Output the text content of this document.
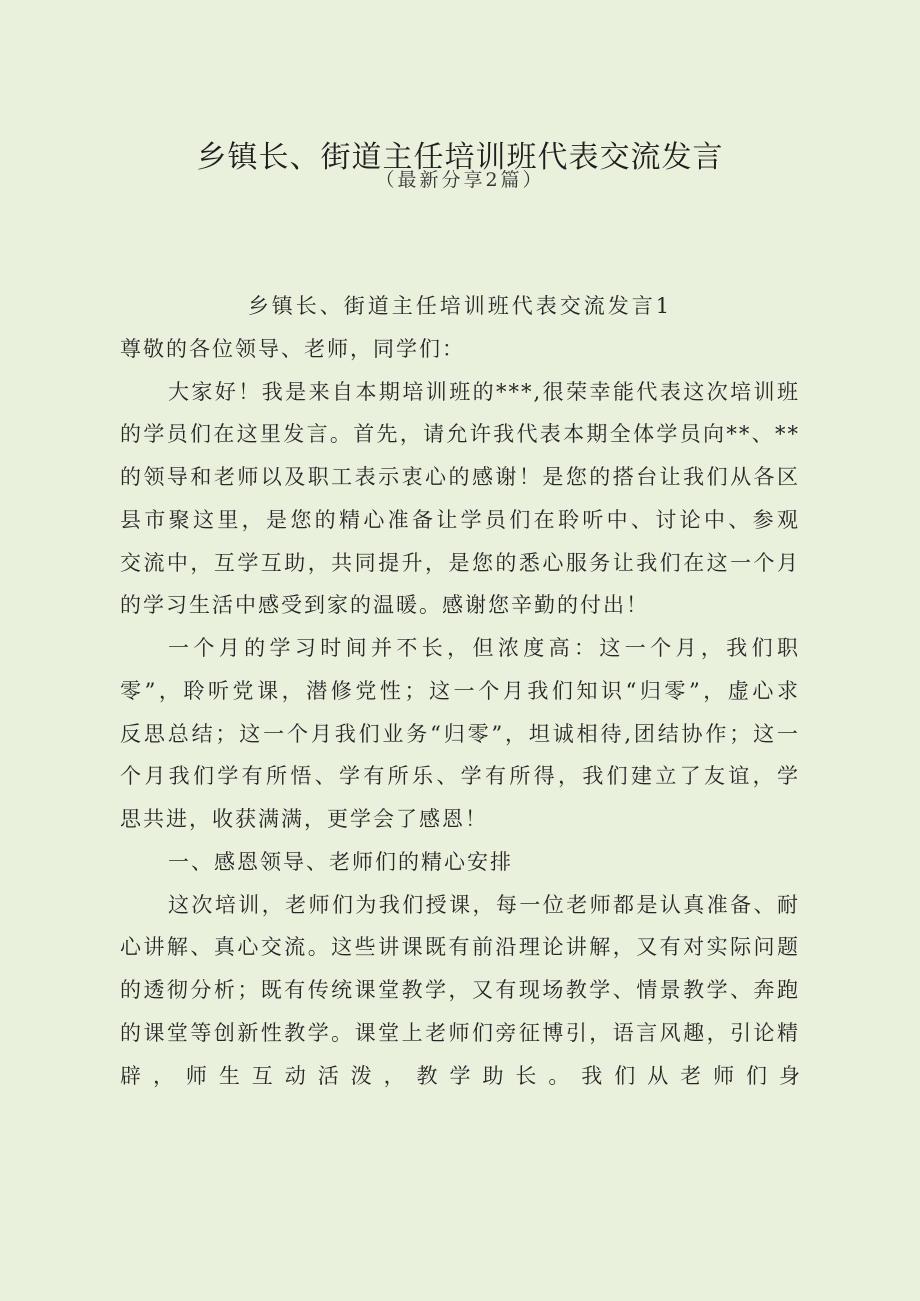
乡镇长、街道主任培训班代表交流发言
（最新分享2篇）
乡镇长、街道主任培训班代表交流发言1
尊敬的各位领导、老师，同学们：
大家好！我是来自本期培训班的***,很荣幸能代表这次培训班
的学员们在这里发言。首先，请允许我代表本期全体学员向**、**
的领导和老师以及职工表示衷心的感谢！是您的搭台让我们从各区
县市聚这里，是您的精心准备让学员们在聆听中、讨论中、参观
交流中，互学互助，共同提升，是您的悉心服务让我们在这一个月
的学习生活中感受到家的温暖。感谢您辛勤的付出！
一个月的学习时间并不长，但浓度高：这一个月，我们职
零”，聆听党课，潜修党性；这一个月我们知识“归零”，虚心求
反思总结；这一个月我们业务“归零”，坦诚相待,团结协作；这一
个月我们学有所悟、学有所乐、学有所得，我们建立了友谊，学
思共进，收获满满，更学会了感恩！
一、感恩领导、老师们的精心安排
这次培训，老师们为我们授课，每一位老师都是认真准备、耐
心讲解、真心交流。这些讲课既有前沿理论讲解，又有对实际问题
的透彻分析；既有传统课堂教学，又有现场教学、情景教学、奔跑
的课堂等创新性教学。课堂上老师们旁征博引，语言风趣，引论精
辟 ， 师 生 互 动 活 泼 ， 教 学 助 长 。 我 们 从 老 师 们 身
